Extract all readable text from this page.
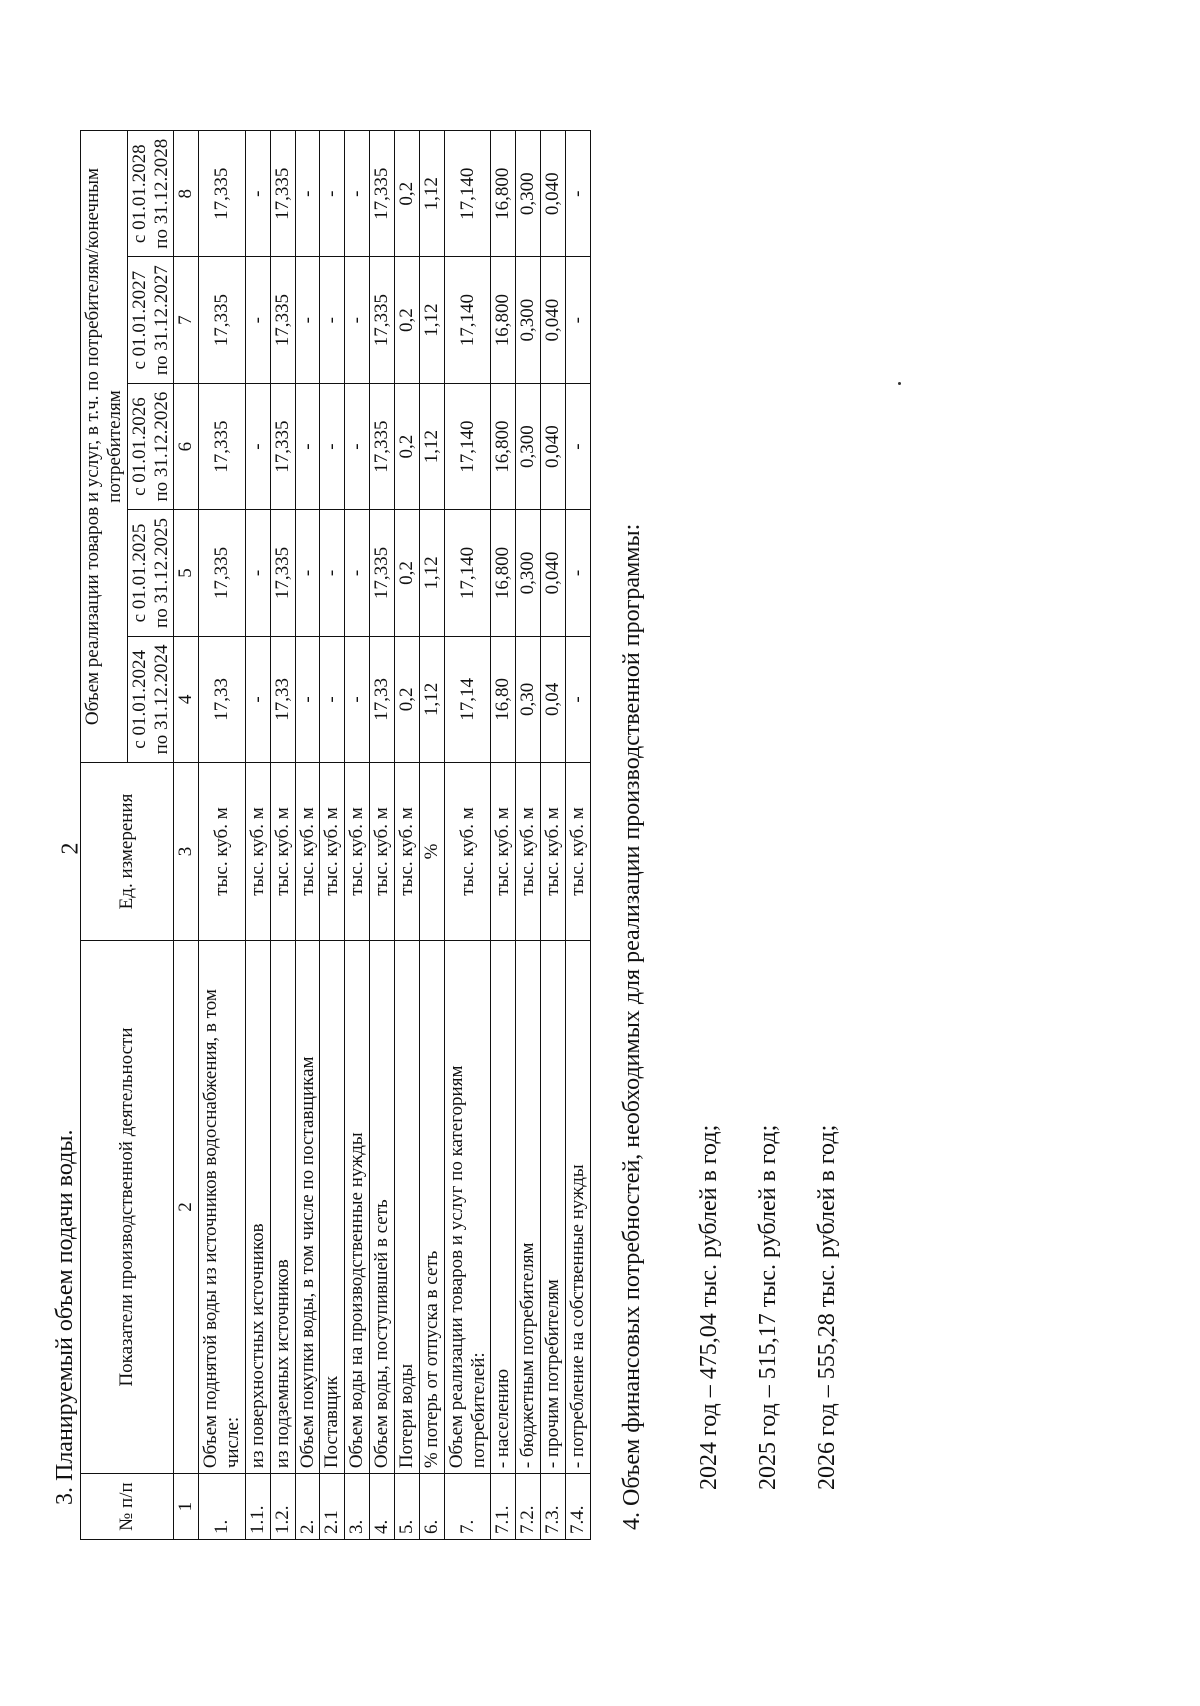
2
3. Планируемый объем подачи воды.
№ п/п	Показатели производственной деятельности	Ед. измерения	Объем реализации товаров и услуг, в т.ч. по потребителям/конечным потребителям				
			с 01.01.2024 по 31.12.2024	с 01.01.2025 по 31.12.2025	с 01.01.2026 по 31.12.2026	с 01.01.2027 по 31.12.2027	с 01.01.2028 по 31.12.2028
1	2	3	4	5	6	7	8
1.	Объем поднятой воды из источников водоснабжения, в том числе:	тыс. куб. м	17,33	17,335	17,335	17,335	17,335
1.1.	из поверхностных источников	тыс. куб. м	-	-	-	-	-
1.2.	из подземных источников	тыс. куб. м	17,33	17,335	17,335	17,335	17,335
2.	Объем покупки воды, в том числе по поставщикам	тыс. куб. м	-	-	-	-	-
2.1	Поставщик	тыс. куб. м	-	-	-	-	-
3.	Объем воды на производственные нужды	тыс. куб. м	-	-	-	-	-
4.	Объем воды, поступившей в сеть	тыс. куб. м	17,33	17,335	17,335	17,335	17,335
5.	Потери воды	тыс. куб. м	0,2	0,2	0,2	0,2	0,2
6.	% потерь от отпуска в сеть	%	1,12	1,12	1,12	1,12	1,12
7.	Объем реализации товаров и услуг по категориям потребителей:	тыс. куб. м	17,14	17,140	17,140	17,140	17,140
7.1.	- населению	тыс. куб. м	16,80	16,800	16,800	16,800	16,800
7.2.	- бюджетным потребителям	тыс. куб. м	0,30	0,300	0,300	0,300	0,300
7.3.	- прочим потребителям	тыс. куб. м	0,04	0,040	0,040	0,040	0,040
7.4.	- потребление на собственные нужды	тыс. куб. м	-	-	-	-	-
4. Объем финансовых потребностей, необходимых для реализации производственной программы: 2024 год – 475,04 тыс. рублей в год; 2025 год – 515,17 тыс. рублей в год; 2026 год – 555,28 тыс. рублей в год;
